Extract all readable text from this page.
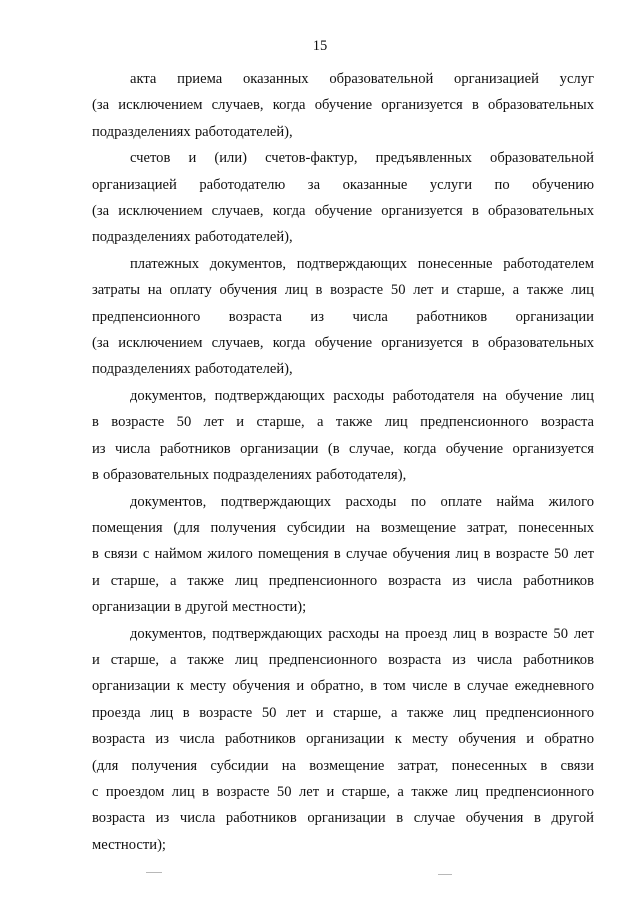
15

акта приема оказанных образовательной организацией услуг
(за исключением случаев, когда обучение организуется в образовательных
подразделениях работодателей),

счетов и (или) счетов-фактур, предъявленных образовательной
организацией работодателю за оказанные услуги по обучению
(за исключением случаев, когда обучение организуется в образовательных
подразделениях работодателей),

платежных документов, подтверждающих понесенные работодателем
затраты на оплату обучения лиц в возрасте 50 лет и старше, а также лиц
предпенсионного возраста из числа работников организации
(за исключением случаев, когда обучение организуется в образовательных
подразделениях работодателей),

документов, подтверждающих расходы работодателя на обучение лиц
в возрасте 50 лет и старше, а также лиц предпенсионного возраста
из числа работников организации (в случае, когда обучение организуется
в образовательных подразделениях работодателя),

документов, подтверждающих расходы по оплате найма жилого
помещения (для получения субсидии на возмещение затрат, понесенных
в связи с наймом жилого помещения в случае обучения лиц в возрасте 50 лет
и старше, а также лиц предпенсионного возраста из числа работников
организации в другой местности);

документов, подтверждающих расходы на проезд лиц в возрасте 50 лет
и старше, а также лиц предпенсионного возраста из числа работников
организации к месту обучения и обратно, в том числе в случае ежедневного
проезда лиц в возрасте 50 лет и старше, а также лиц предпенсионного
возраста из числа работников организации к месту обучения и обратно
(для получения субсидии на возмещение затрат, понесенных в связи
с проездом лиц в возрасте 50 лет и старше, а также лиц предпенсионного
возраста из числа работников организации в случае обучения в другой
местности);
